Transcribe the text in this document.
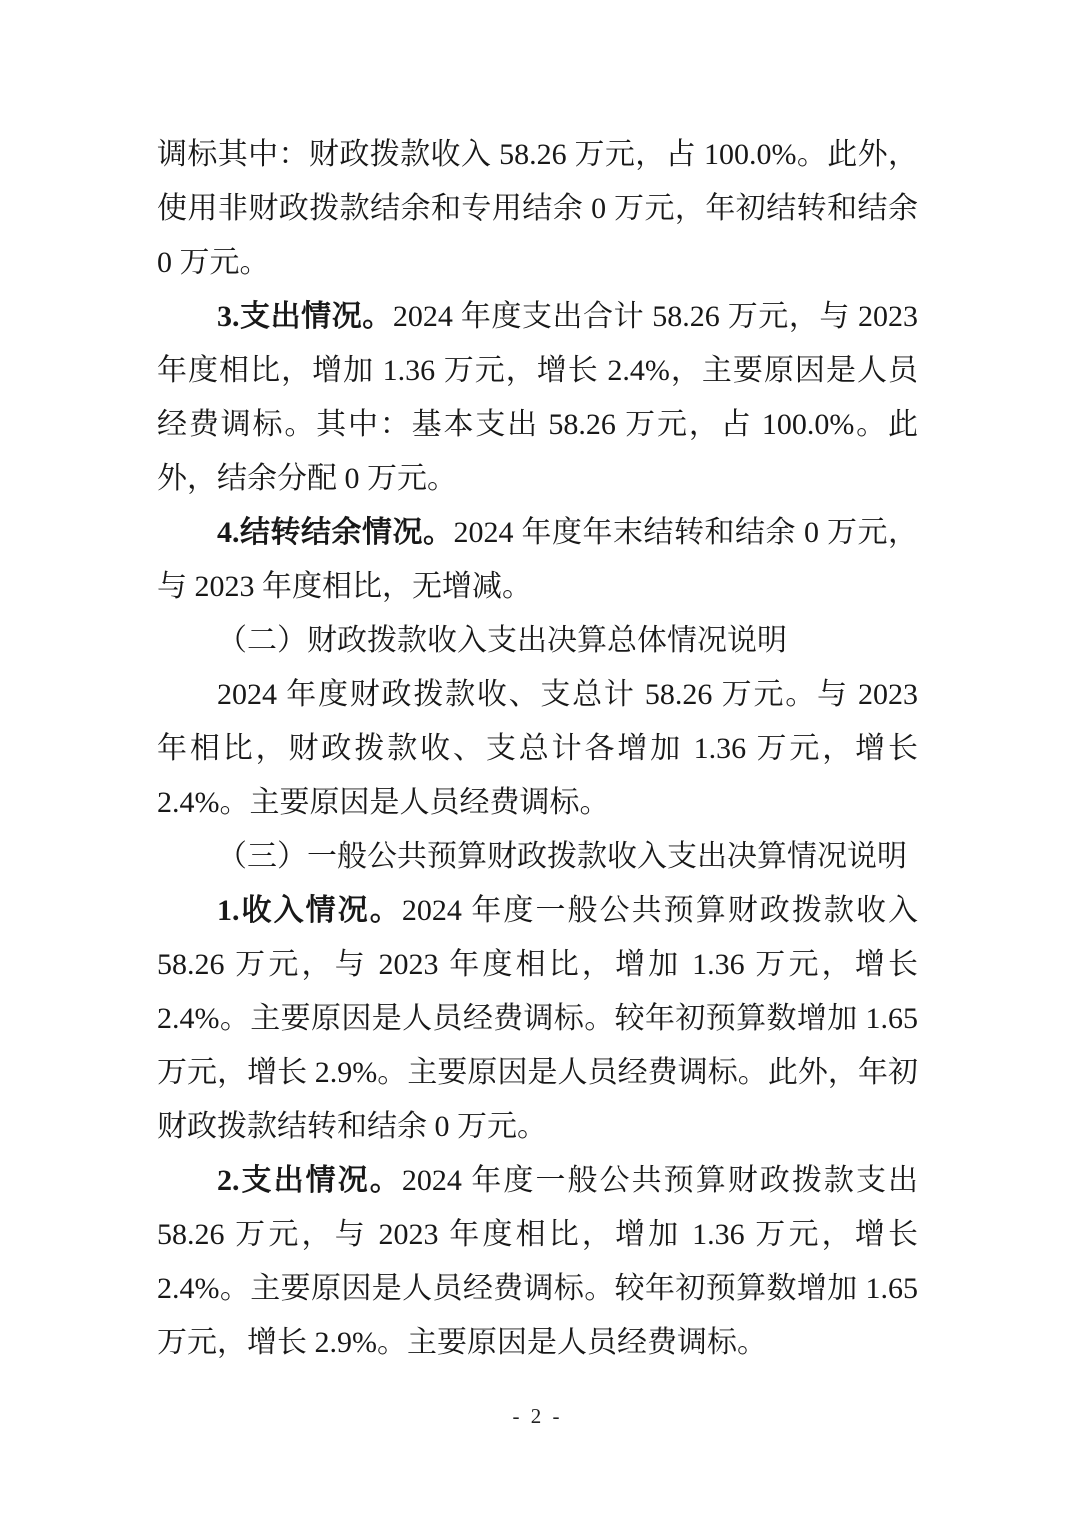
调标其中：财政拨款收入 58.26 万元，占 100.0%。此外，使用非财政拨款结余和专用结余 0 万元，年初结转和结余 0 万元。

3.支出情况。2024 年度支出合计 58.26 万元，与 2023 年度相比，增加 1.36 万元，增长 2.4%，主要原因是人员经费调标。其中：基本支出 58.26 万元，占 100.0%。此外，结余分配 0 万元。

4.结转结余情况。2024 年度年末结转和结余 0 万元，与 2023 年度相比，无增减。

（二）财政拨款收入支出决算总体情况说明

2024 年度财政拨款收、支总计 58.26 万元。与 2023 年相比，财政拨款收、支总计各增加 1.36 万元，增长 2.4%。主要原因是人员经费调标。

（三）一般公共预算财政拨款收入支出决算情况说明

1.收入情况。2024 年度一般公共预算财政拨款收入 58.26 万元，与 2023 年度相比，增加 1.36 万元，增长 2.4%。主要原因是人员经费调标。较年初预算数增加 1.65 万元，增长 2.9%。主要原因是人员经费调标。此外，年初财政拨款结转和结余 0 万元。

2.支出情况。2024 年度一般公共预算财政拨款支出 58.26 万元，与 2023 年度相比，增加 1.36 万元，增长 2.4%。主要原因是人员经费调标。较年初预算数增加 1.65 万元，增长 2.9%。主要原因是人员经费调标。

- 2 -
